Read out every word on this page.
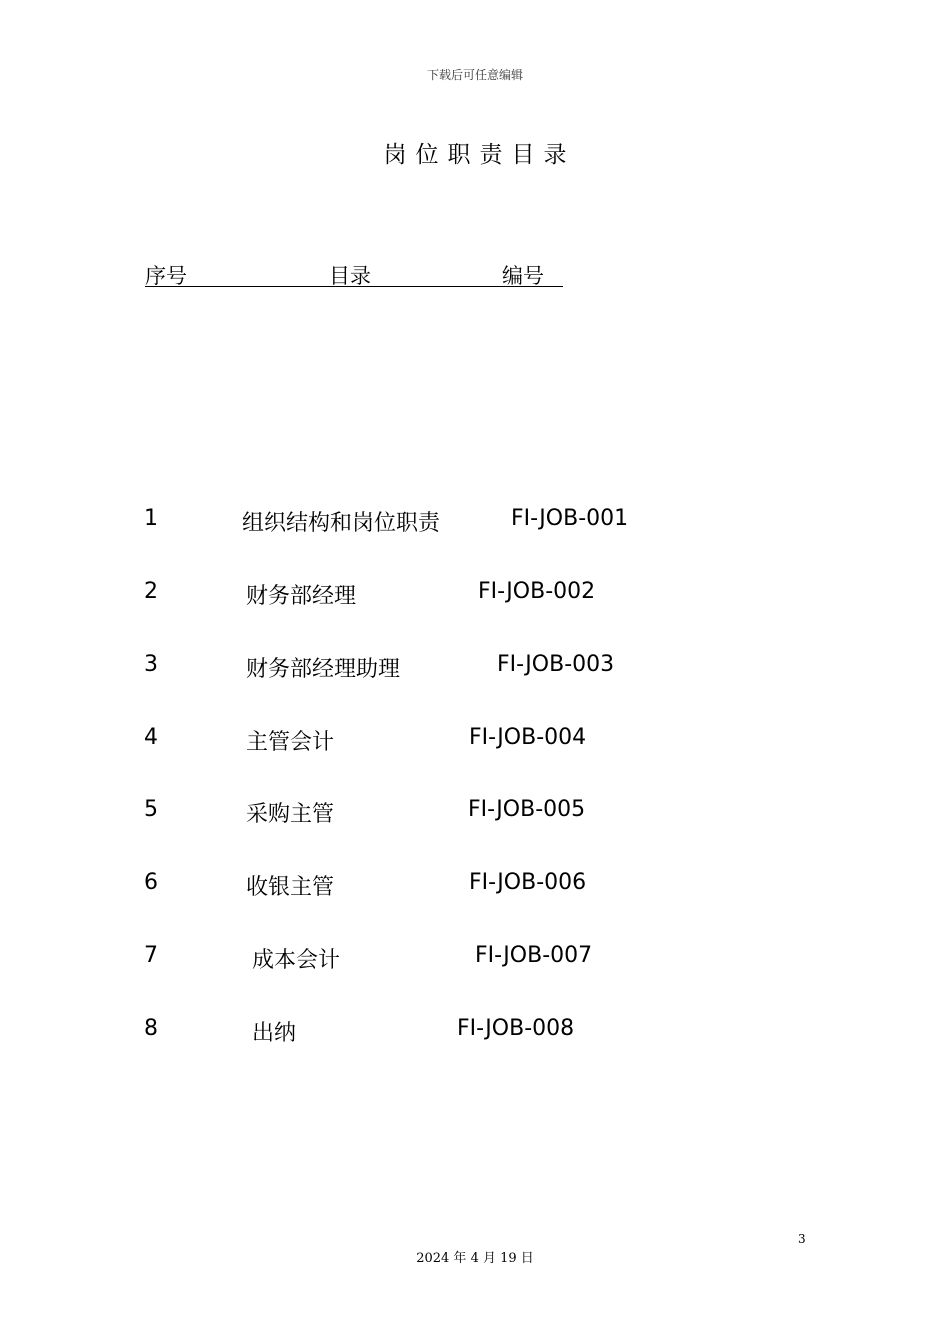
下载后可任意编辑
岗位职责目录
序号	目录	编号
1	组织结构和岗位职责	FI-JOB-001
2	财务部经理	FI-JOB-002
3	财务部经理助理	FI-JOB-003
4	主管会计	FI-JOB-004
5	采购主管	FI-JOB-005
6	收银主管	FI-JOB-006
7	成本会计	FI-JOB-007
8	出纳	FI-JOB-008
3
2024 年 4 月 19 日
